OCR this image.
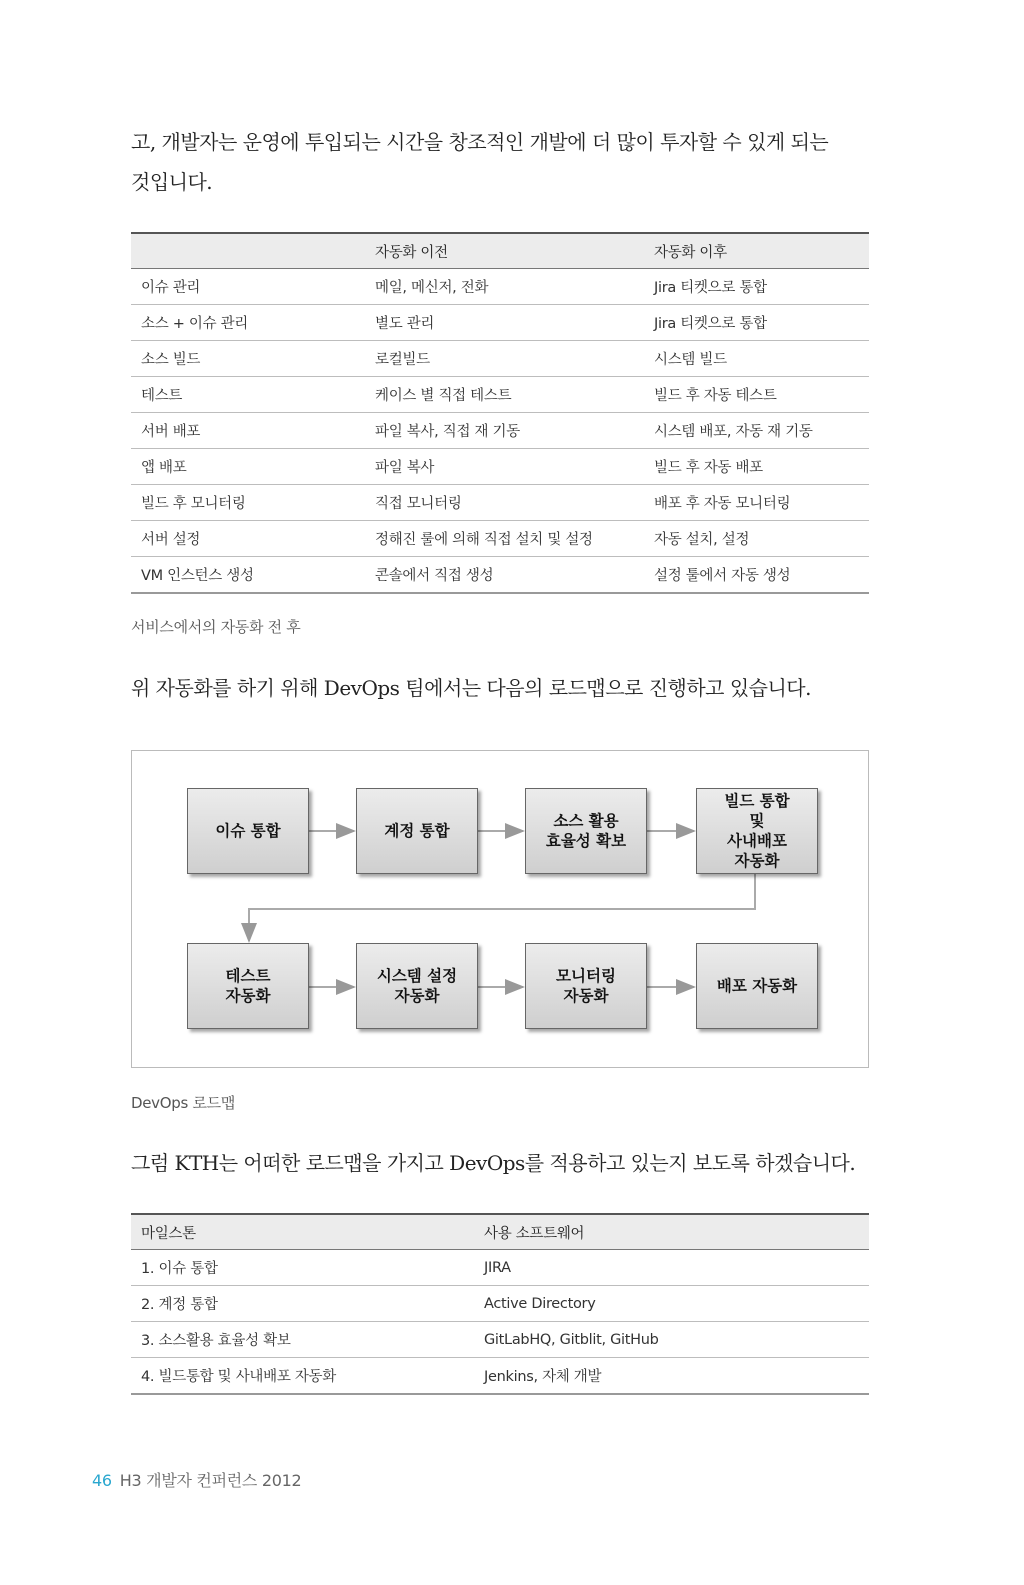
고, 개발자는 운영에 투입되는 시간을 창조적인 개발에 더 많이 투자할 수 있게 되는
것입니다.
	자동화 이전	자동화 이후
이슈 관리	메일, 메신저, 전화	Jira 티켓으로 통합
소스 + 이슈 관리	별도 관리	Jira 티켓으로 통합
소스 빌드	로컬빌드	시스템 빌드
테스트	케이스 별 직접 테스트	빌드 후 자동 테스트
서버 배포	파일 복사, 직접 재 기동	시스템 배포, 자동 재 기동
앱 배포	파일 복사	빌드 후 자동 배포
빌드 후 모니터링	직접 모니터링	배포 후 자동 모니터링
서버 설정	정해진 룰에 의해 직접 설치 및 설정	자동 설치, 설정
VM 인스턴스 생성	콘솔에서 직접 생성	설정 툴에서 자동 생성
서비스에서의 자동화 전 후
위 자동화를 하기 위해 DevOps 팀에서는 다음의 로드맵으로 진행하고 있습니다.
이슈 통합	계정 통합
소스 활용
효율성 확보
빌드 통합
및
사내배포
자동화
테스트
자동화
시스템 설정
자동화
모니터링
자동화
배포 자동화
DevOps 로드맵
그럼 KTH는 어떠한 로드맵을 가지고 DevOps를 적용하고 있는지 보도록 하겠습니다.
마일스톤	사용 소프트웨어
1. 이슈 통합	JIRA
2. 계정 통합	Active Directory
3. 소스활용 효율성 확보	GitLabHQ, Gitblit, GitHub
4. 빌드통합 및 사내배포 자동화	Jenkins, 자체 개발
46 H3 개발자 컨퍼런스 2012
